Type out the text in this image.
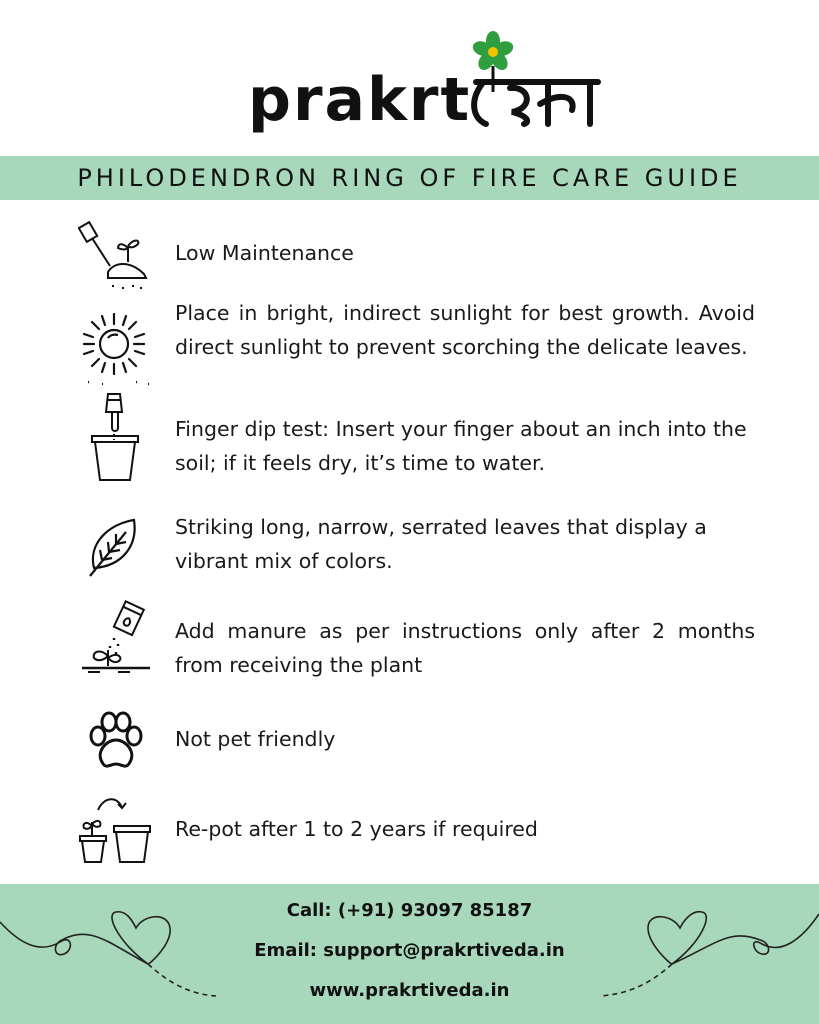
prakrt
PHILODENDRON RING OF FIRE CARE GUIDE
Low Maintenance
Place in bright, indirect sunlight for best growth. Avoid direct sunlight to prevent scorching the delicate leaves.
Finger dip test: Insert your finger about an inch into the soil; if it feels dry, it’s time to water.
Striking long, narrow, serrated leaves that display a vibrant mix of colors.
Add manure as per instructions only after 2 months from receiving the plant
Not pet friendly
Re-pot after 1 to 2 years if required
Call: (+91) 93097 85187
Email: support@prakrtiveda.in
www.prakrtiveda.in
